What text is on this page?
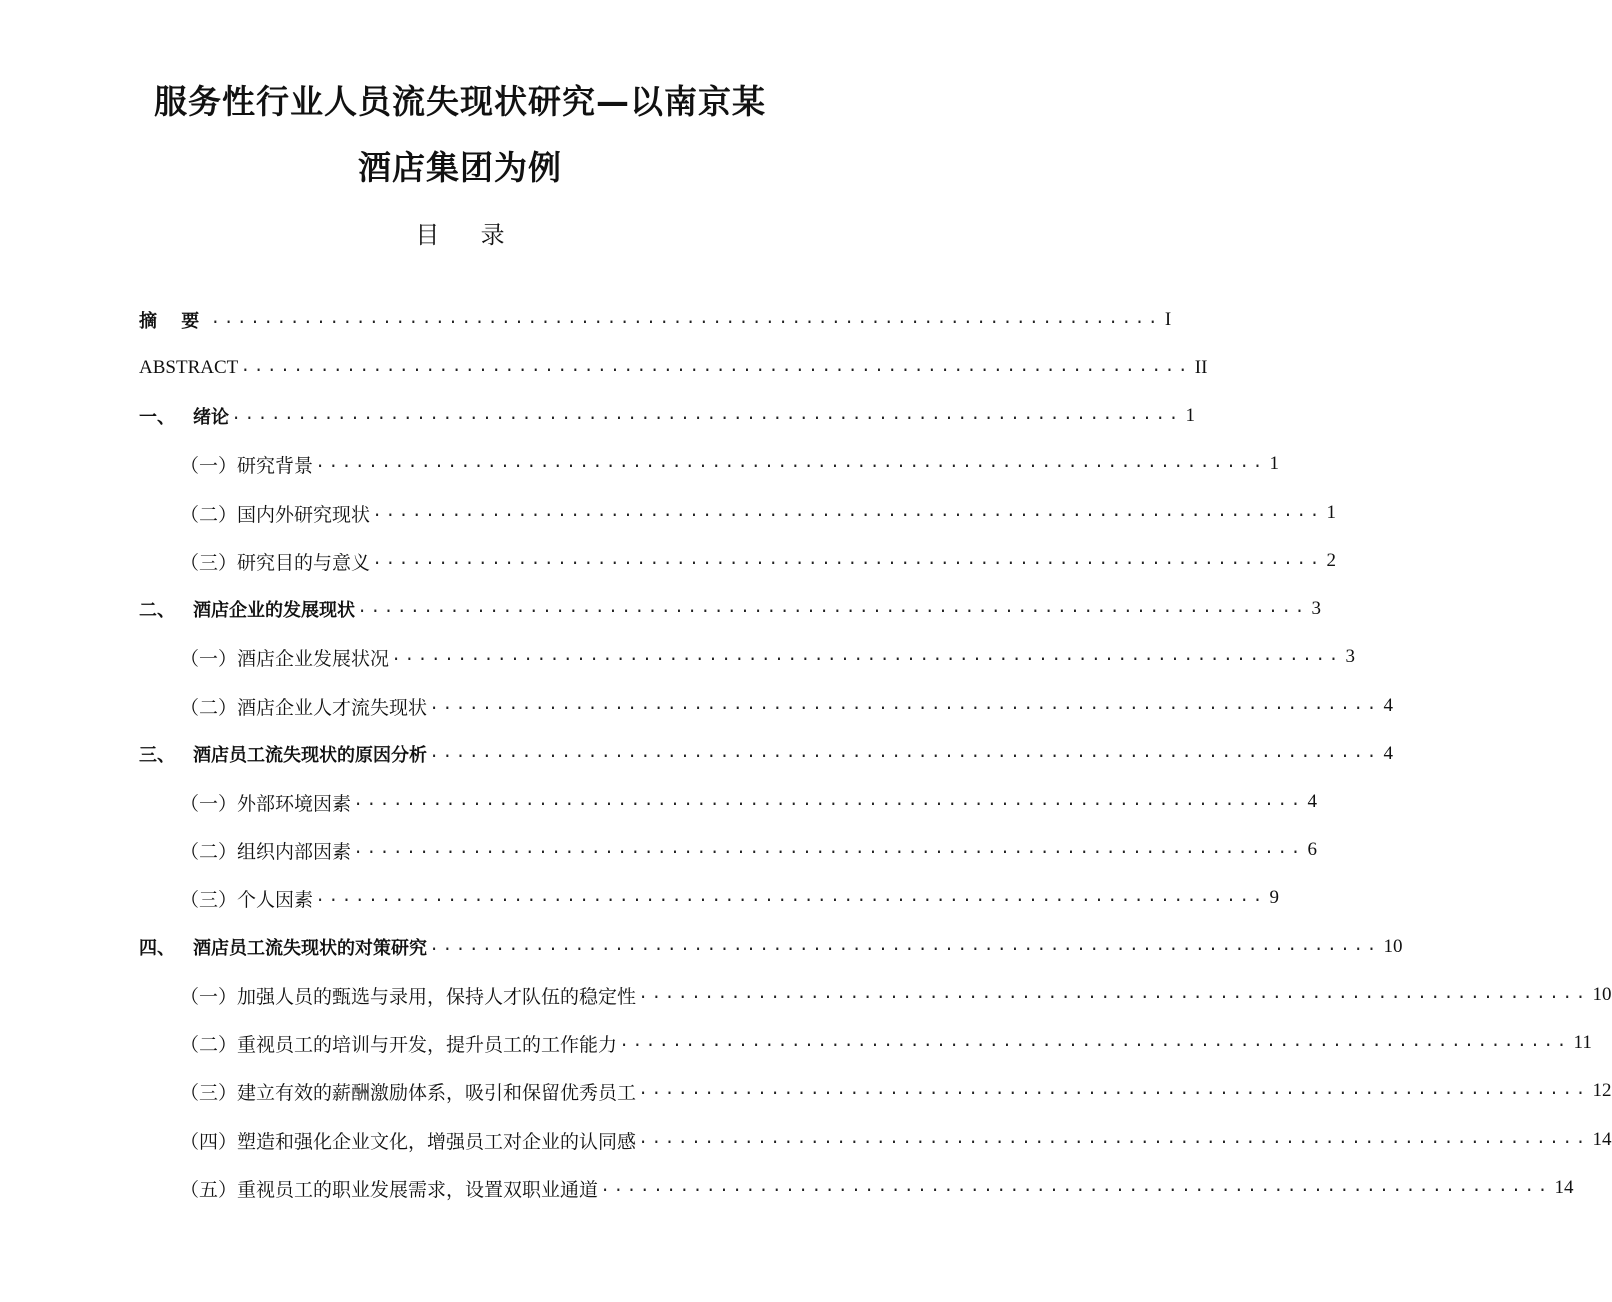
服务性行业人员流失现状研究—以南京某
酒店集团为例
目 录
摘 要 ........................................................................ I
ABSTRACT ........................................................................ II
一、 绪论 ........................................................................ 1
（一）研究背景 ........................................................................ 1
（二）国内外研究现状 ........................................................................ 1
（三）研究目的与意义 ........................................................................ 2
二、 酒店企业的发展现状 ........................................................................ 3
（一）酒店企业发展状况 ........................................................................ 3
（二）酒店企业人才流失现状 ........................................................................ 4
三、 酒店员工流失现状的原因分析 ........................................................................ 4
（一）外部环境因素 ........................................................................ 4
（二）组织内部因素 ........................................................................ 6
（三）个人因素 ........................................................................ 9
四、 酒店员工流失现状的对策研究 ........................................................................ 10
（一）加强人员的甄选与录用，保持人才队伍的稳定性 ........................................................................ 10
（二）重视员工的培训与开发，提升员工的工作能力 ........................................................................ 11
（三）建立有效的薪酬激励体系，吸引和保留优秀员工 ........................................................................ 12
（四）塑造和强化企业文化，增强员工对企业的认同感 ........................................................................ 14
（五）重视员工的职业发展需求，设置双职业通道 ........................................................................ 14
